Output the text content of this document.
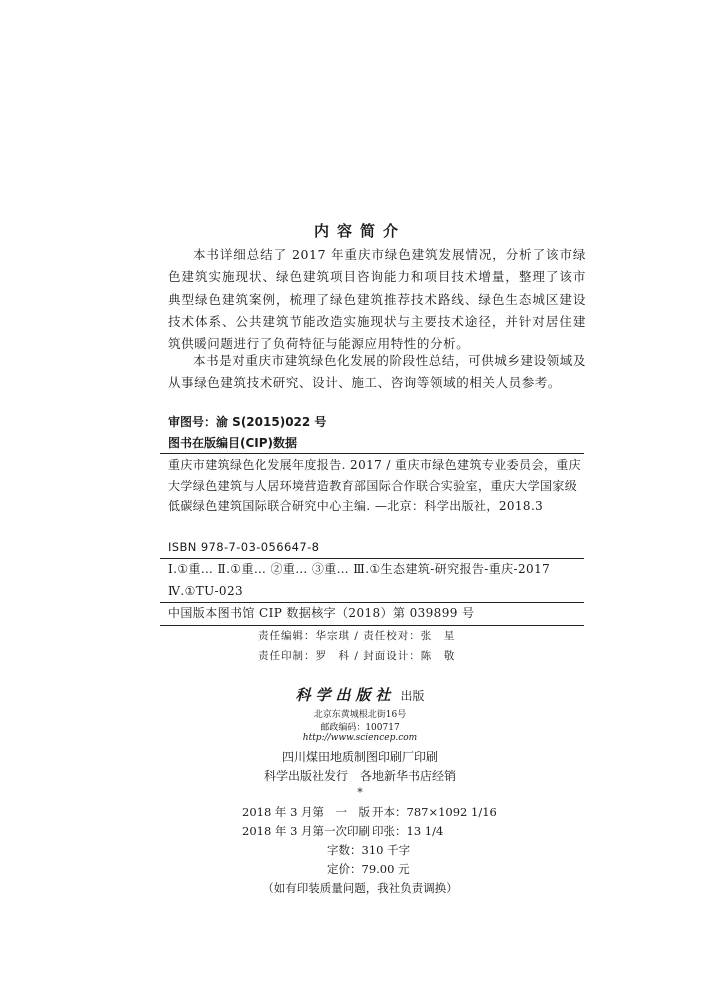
内容简介
本书详细总结了 2017 年重庆市绿色建筑发展情况，分析了该市绿色建筑实施现状、绿色建筑项目咨询能力和项目技术增量，整理了该市典型绿色建筑案例，梳理了绿色建筑推荐技术路线、绿色生态城区建设技术体系、公共建筑节能改造实施现状与主要技术途径，并针对居住建筑供暖问题进行了负荷特征与能源应用特性的分析。
本书是对重庆市建筑绿色化发展的阶段性总结，可供城乡建设领域及从事绿色建筑技术研究、设计、施工、咨询等领域的相关人员参考。
审图号：渝 S(2015)022 号
图书在版编目(CIP)数据
重庆市建筑绿色化发展年度报告. 2017 / 重庆市绿色建筑专业委员会，重庆大学绿色建筑与人居环境营造教育部国际合作联合实验室，重庆大学国家级低碳绿色建筑国际联合研究中心主编. —北京：科学出版社，2018.3
ISBN 978-7-03-056647-8
Ⅰ.①重… Ⅱ.①重… ②重… ③重… Ⅲ.①生态建筑-研究报告-重庆-2017 Ⅳ.①TU-023
中国版本图书馆 CIP 数据核字（2018）第 039899 号
责任编辑：华宗琪 / 责任校对：张　星
责任印制：罗　科 / 封面设计：陈　敬
科学出版社 出版
北京东黄城根北街16号
邮政编码：100717
http://www.sciencep.com
四川煤田地质制图印刷厂印刷
科学出版社发行　各地新华书店经销
*
2018 年 3 月第　一　版 开本：787×1092 1/16
2018 年 3 月第一次印刷 印张：13 1/4
字数：310 千字
定价：79.00 元
（如有印装质量问题，我社负责调换）
